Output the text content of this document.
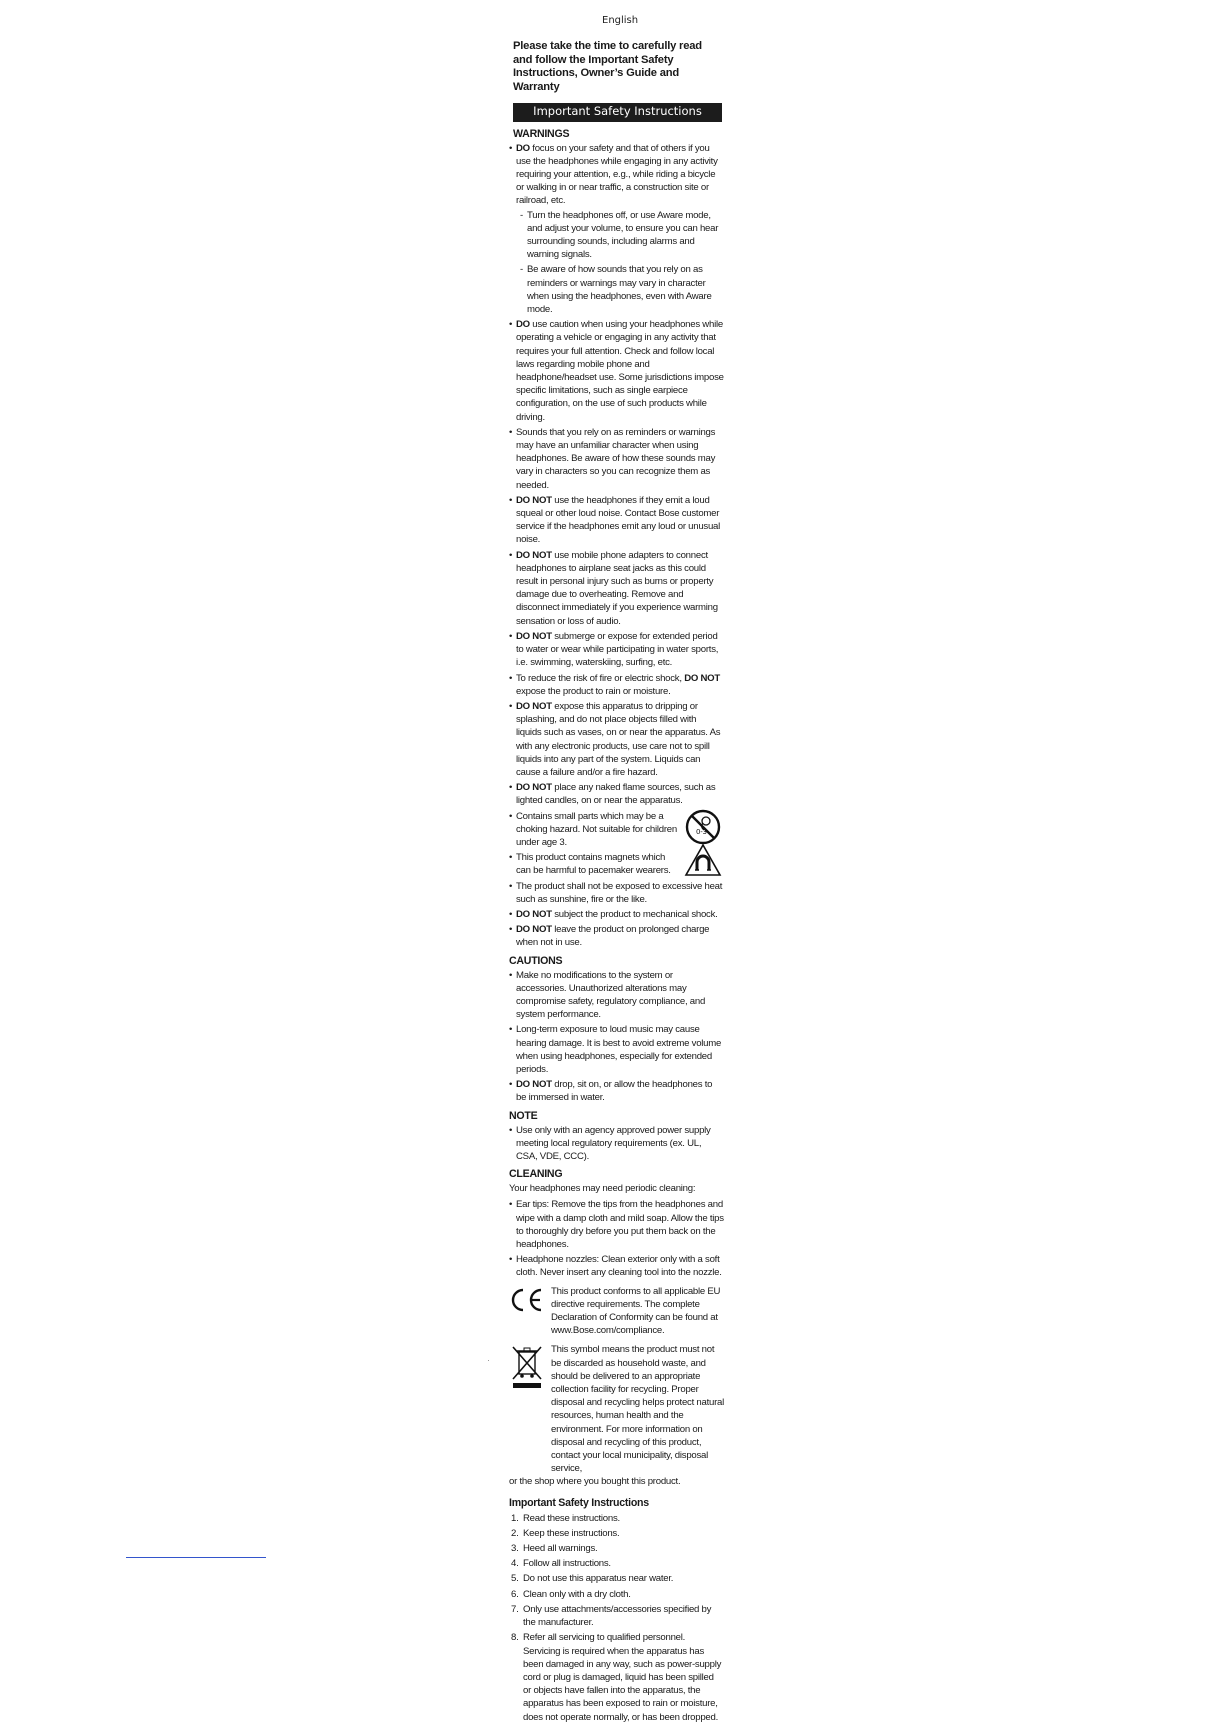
English
Please take the time to carefully read and follow the Important Safety Instructions, Owner’s Guide and Warranty
Important Safety Instructions
WARNINGS
• DO focus on your safety and that of others if you use the headphones while engaging in any activity requiring your attention, e.g., while riding a bicycle or walking in or near traffic, a construction site or railroad, etc.
- Turn the headphones off, or use Aware mode, and adjust your volume, to ensure you can hear surrounding sounds, including alarms and warning signals.
- Be aware of how sounds that you rely on as reminders or warnings may vary in character when using the headphones, even with Aware mode.
• DO use caution when using your headphones while operating a vehicle or engaging in any activity that requires your full attention. Check and follow local laws regarding mobile phone and headphone/headset use. Some jurisdictions impose specific limitations, such as single earpiece configuration, on the use of such products while driving.
• Sounds that you rely on as reminders or warnings may have an unfamiliar character when using headphones. Be aware of how these sounds may vary in characters so you can recognize them as needed.
• DO NOT use the headphones if they emit a loud squeal or other loud noise. Contact Bose customer service if the headphones emit any loud or unusual noise.
• DO NOT use mobile phone adapters to connect headphones to airplane seat jacks as this could result in personal injury such as burns or property damage due to overheating. Remove and disconnect immediately if you experience warming sensation or loss of audio.
• DO NOT submerge or expose for extended period to water or wear while participating in water sports, i.e. swimming, waterskiing, surfing, etc.
• To reduce the risk of fire or electric shock, DO NOT expose the product to rain or moisture.
• DO NOT expose this apparatus to dripping or splashing, and do not place objects filled with liquids such as vases, on or near the apparatus. As with any electronic products, use care not to spill liquids into any part of the system. Liquids can cause a failure and/or a fire hazard.
• DO NOT place any naked flame sources, such as lighted candles, on or near the apparatus.
• Contains small parts which may be a choking hazard. Not suitable for children under age 3.
0-3
• This product contains magnets which can be harmful to pacemaker wearers.
• The product shall not be exposed to excessive heat such as sunshine, fire or the like.
• DO NOT subject the product to mechanical shock.
• DO NOT leave the product on prolonged charge when not in use.
CAUTIONS
• Make no modifications to the system or accessories. Unauthorized alterations may compromise safety, regulatory compliance, and system performance.
• Long-term exposure to loud music may cause hearing damage. It is best to avoid extreme volume when using headphones, especially for extended periods.
• DO NOT drop, sit on, or allow the headphones to be immersed in water.
NOTE
• Use only with an agency approved power supply meeting local regulatory requirements (ex. UL, CSA, VDE, CCC).
CLEANING
Your headphones may need periodic cleaning:
• Ear tips: Remove the tips from the headphones and wipe with a damp cloth and mild soap. Allow the tips to thoroughly dry before you put them back on the headphones.
• Headphone nozzles: Clean exterior only with a soft cloth. Never insert any cleaning tool into the nozzle.
This product conforms to all applicable EU directive requirements. The complete Declaration of Conformity can be found at www.Bose.com/compliance.
This symbol means the product must not be discarded as household waste, and should be delivered to an appropriate collection facility for recycling. Proper disposal and recycling helps protect natural resources, human health and the environment. For more information on disposal and recycling of this product, contact your local municipality, disposal service,
or the shop where you bought this product.
Important Safety Instructions
1. Read these instructions.
2. Keep these instructions.
3. Heed all warnings.
4. Follow all instructions.
5. Do not use this apparatus near water.
6. Clean only with a dry cloth.
7. Only use attachments/accessories specified by the manufacturer.
8. Refer all servicing to qualified personnel. Servicing is required when the apparatus has been damaged in any way, such as power-supply cord or plug is damaged, liquid has been spilled or objects have fallen into the apparatus, the apparatus has been exposed to rain or moisture, does not operate normally, or has been dropped.
